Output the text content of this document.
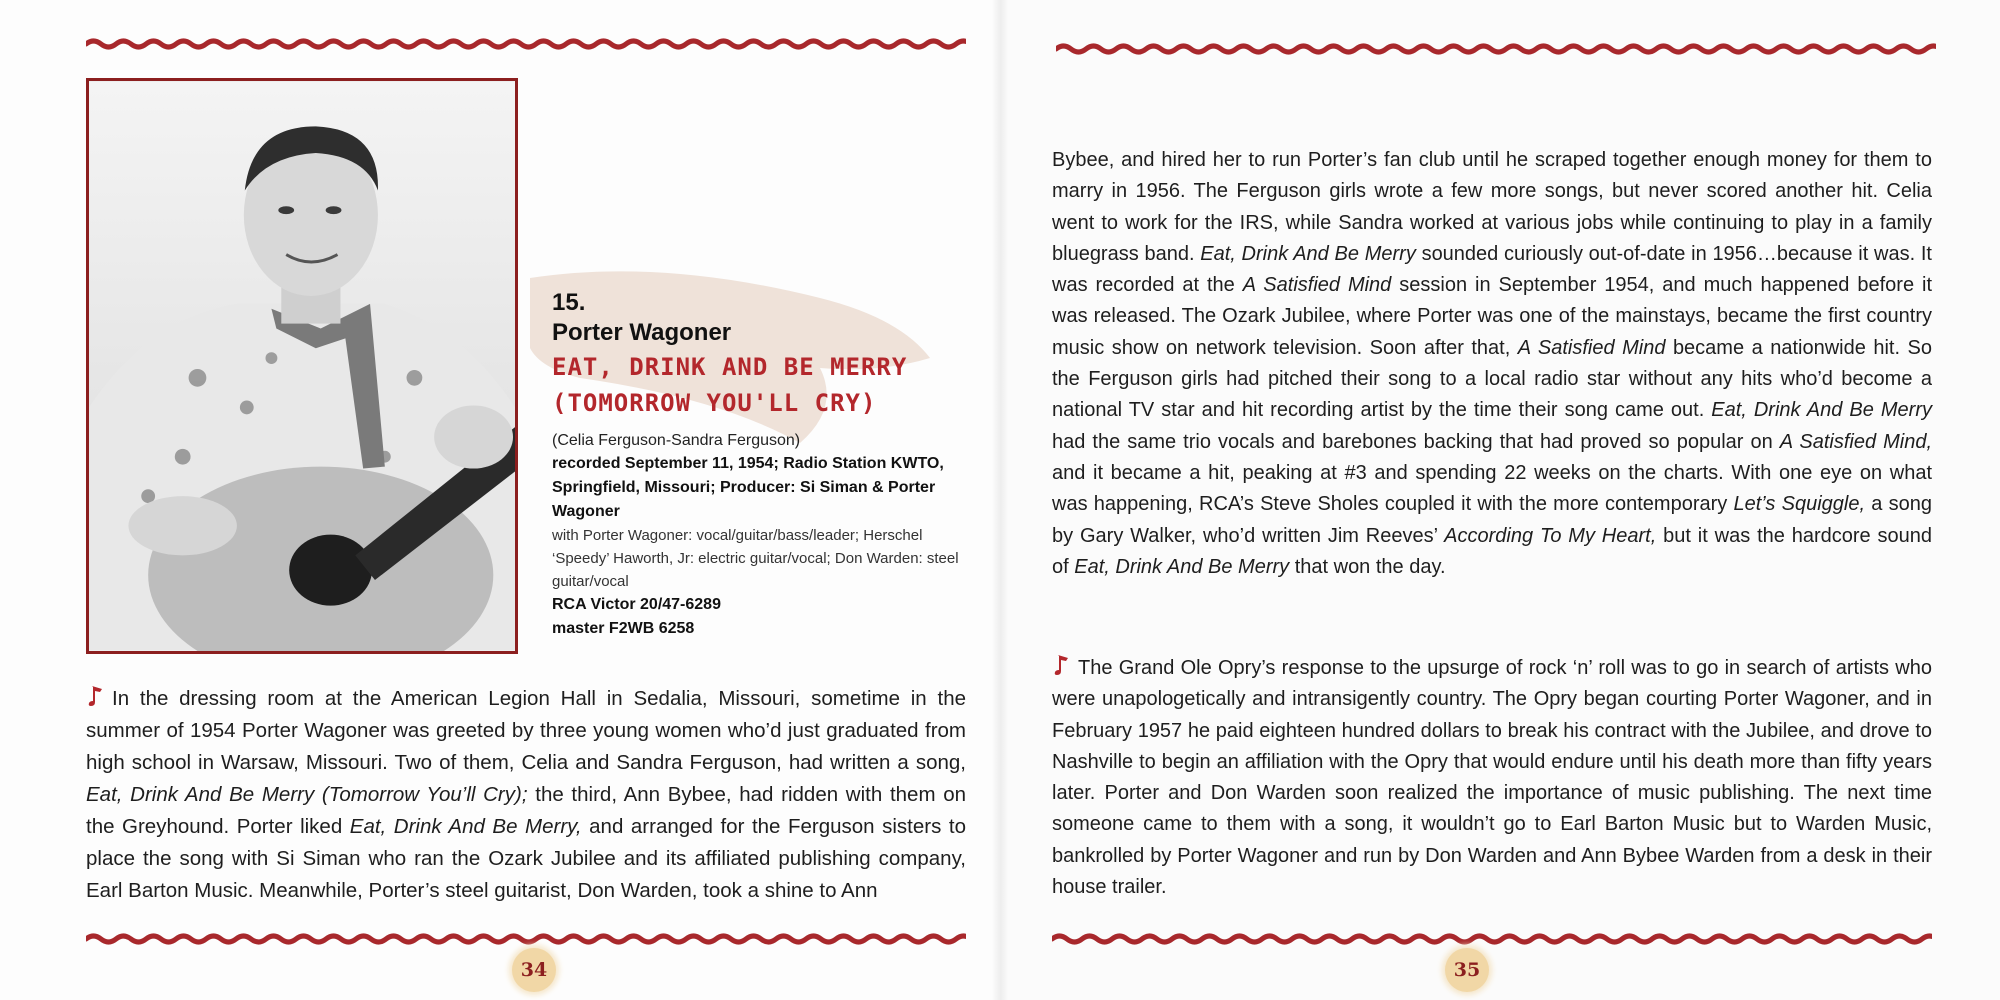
15.
Porter Wagoner
EAT, DRINK AND BE MERRY
(TOMORROW YOU'LL CRY)
(Celia Ferguson-Sandra Ferguson)
recorded September 11, 1954; Radio Station KWTO, Springfield, Missouri; Producer: Si Siman & Porter Wagoner
with Porter Wagoner: vocal/guitar/bass/leader; Herschel ‘Speedy’ Haworth, Jr: electric guitar/vocal; Don Warden: steel guitar/vocal
RCA Victor 20/47-6289
master F2WB 6258

In the dressing room at the American Legion Hall in Sedalia, Missouri, sometime in the summer of 1954 Porter Wagoner was greeted by three young women who’d just graduated from high school in Warsaw, Missouri. Two of them, Celia and Sandra Ferguson, had written a song, Eat, Drink And Be Merry (Tomorrow You’ll Cry); the third, Ann Bybee, had ridden with them on the Greyhound. Porter liked Eat, Drink And Be Merry, and arranged for the Ferguson sisters to place the song with Si Siman who ran the Ozark Jubilee and its affiliated publishing company, Earl Barton Music. Meanwhile, Porter’s steel guitarist, Don Warden, took a shine to Ann

34

Bybee, and hired her to run Porter’s fan club until he scraped together enough money for them to marry in 1956. The Ferguson girls wrote a few more songs, but never scored another hit. Celia went to work for the IRS, while Sandra worked at various jobs while continuing to play in a family bluegrass band. Eat, Drink And Be Merry sounded curiously out-of-date in 1956…because it was. It was recorded at the A Satisfied Mind session in September 1954, and much happened before it was released. The Ozark Jubilee, where Porter was one of the mainstays, became the first country music show on network television. Soon after that, A Satisfied Mind became a nationwide hit. So the Ferguson girls had pitched their song to a local radio star without any hits who’d become a national TV star and hit recording artist by the time their song came out. Eat, Drink And Be Merry had the same trio vocals and barebones backing that had proved so popular on A Satisfied Mind, and it became a hit, peaking at #3 and spending 22 weeks on the charts. With one eye on what was happening, RCA’s Steve Sholes coupled it with the more contemporary Let’s Squiggle, a song by Gary Walker, who’d written Jim Reeves’ According To My Heart, but it was the hardcore sound of Eat, Drink And Be Merry that won the day.

The Grand Ole Opry’s response to the upsurge of rock ‘n’ roll was to go in search of artists who were unapologetically and intransigently country. The Opry began courting Porter Wagoner, and in February 1957 he paid eighteen hundred dollars to break his contract with the Jubilee, and drove to Nashville to begin an affiliation with the Opry that would endure until his death more than fifty years later. Porter and Don Warden soon realized the importance of music publishing. The next time someone came to them with a song, it wouldn’t go to Earl Barton Music but to Warden Music, bankrolled by Porter Wagoner and run by Don Warden and Ann Bybee Warden from a desk in their house trailer.

35
